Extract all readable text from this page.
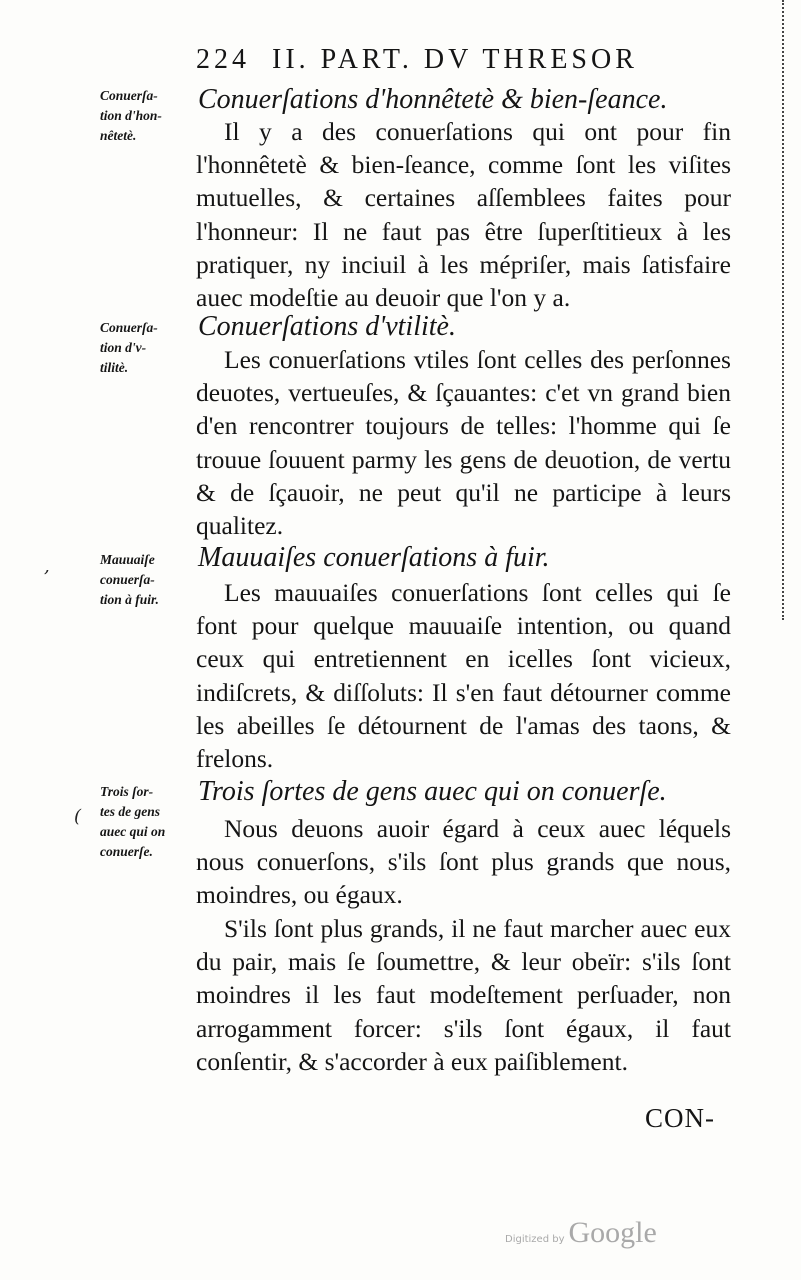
224 II. PART. DV THRESOR
Conuerſations d'honnêtetè & bien-ſeance.
Conuerſa-
tion d'hon-
nêtetè.	Il y a des conuerſations qui ont pour fin l'honnêtetè & bien-ſeance, comme ſont les viſites mutuelles, & certaines aſſemblees faites pour l'honneur: Il ne faut pas être ſuperſtitieux à les pratiquer, ny inciuil à les mépriſer, mais ſatisfaire auec modeſtie au deuoir que l'on y a.
Conuerſations d'vtilitè.
Conuerſa-
tion d'v-
tilitè.	Les conuerſations vtiles ſont celles des perſonnes deuotes, vertueuſes, & ſçauantes: c'et vn grand bien d'en rencontrer toujours de telles: l'homme qui ſe trouue ſouuent parmy les gens de deuotion, de vertu & de ſçauoir, ne peut qu'il ne participe à leurs qualitez.
Mauuaiſes conuerſations à fuir.
Mauuaiſe
conuerſa-
tion à fuir.
,
Les mauuaiſes conuerſations ſont celles qui ſe font pour quelque mauuaiſe intention, ou quand ceux qui entretiennent en icelles ſont vicieux, indiſcrets, & diſſoluts: Il s'en faut détourner comme les abeilles ſe détournent de l'amas des taons, & frelons.
Trois ſortes de gens auec qui on conuerſe.
Trois ſor-
tes de gens
auec qui on
conuerſe.
(	Nous deuons auoir égard à ceux auec léquels nous conuerſons, s'ils ſont plus grands que nous, moindres, ou égaux.
S'ils ſont plus grands, il ne faut marcher auec eux du pair, mais ſe ſoumettre, & leur obeïr: s'ils ſont moindres il les faut modeſtement perſuader, non arrogamment forcer: s'ils ſont égaux, il faut conſentir, & s'accorder à eux paiſiblement.
CON-
Digitized by Google
